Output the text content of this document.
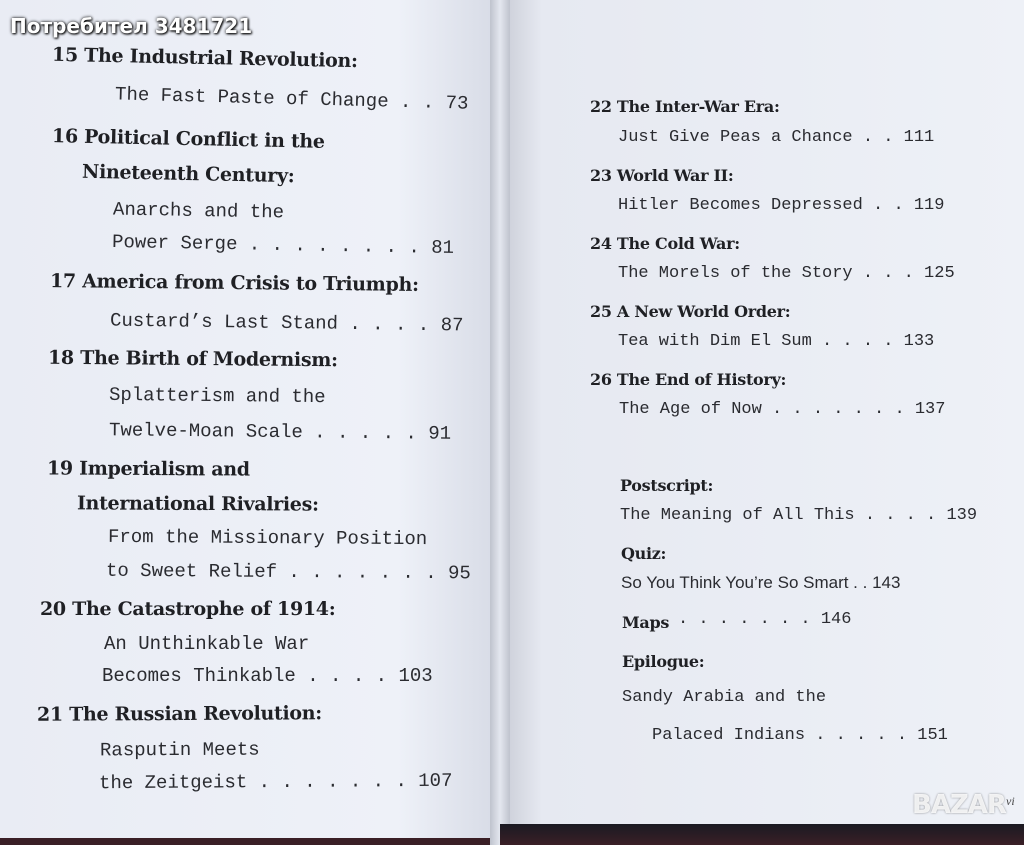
15 The Industrial Revolution:
The Fast Paste of Change . . 73
16 Political Conflict in the
Nineteenth Century:
Anarchs and the
Power Serge . . . . . . . . 81
17 America from Crisis to Triumph:
Custard’s Last Stand . . . . 87
18 The Birth of Modernism:
Splatterism and the
Twelve-Moan Scale . . . . . 91
19 Imperialism and
International Rivalries:
From the Missionary Position
to Sweet Relief . . . . . . . 95
20 The Catastrophe of 1914:
An Unthinkable War
Becomes Thinkable . . . . 103
21 The Russian Revolution:
Rasputin Meets
the Zeitgeist . . . . . . . 107
22 The Inter-War Era:
Just Give Peas a Chance . . 111
23 World War II:
Hitler Becomes Depressed . . 119
24 The Cold War:
The Morels of the Story . . . 125
25 A New World Order:
Tea with Dim El Sum . . . . 133
26 The End of History:
The Age of Now . . . . . . . 137
Postscript:
The Meaning of All This . . . . 139
Quiz:
So You Think You’re So Smart . . 143
Maps . . . . . . . 146
Epilogue:
Sandy Arabia and the
Palaced Indians . . . . . 151
Потребител 3481721
BAZAR vi
